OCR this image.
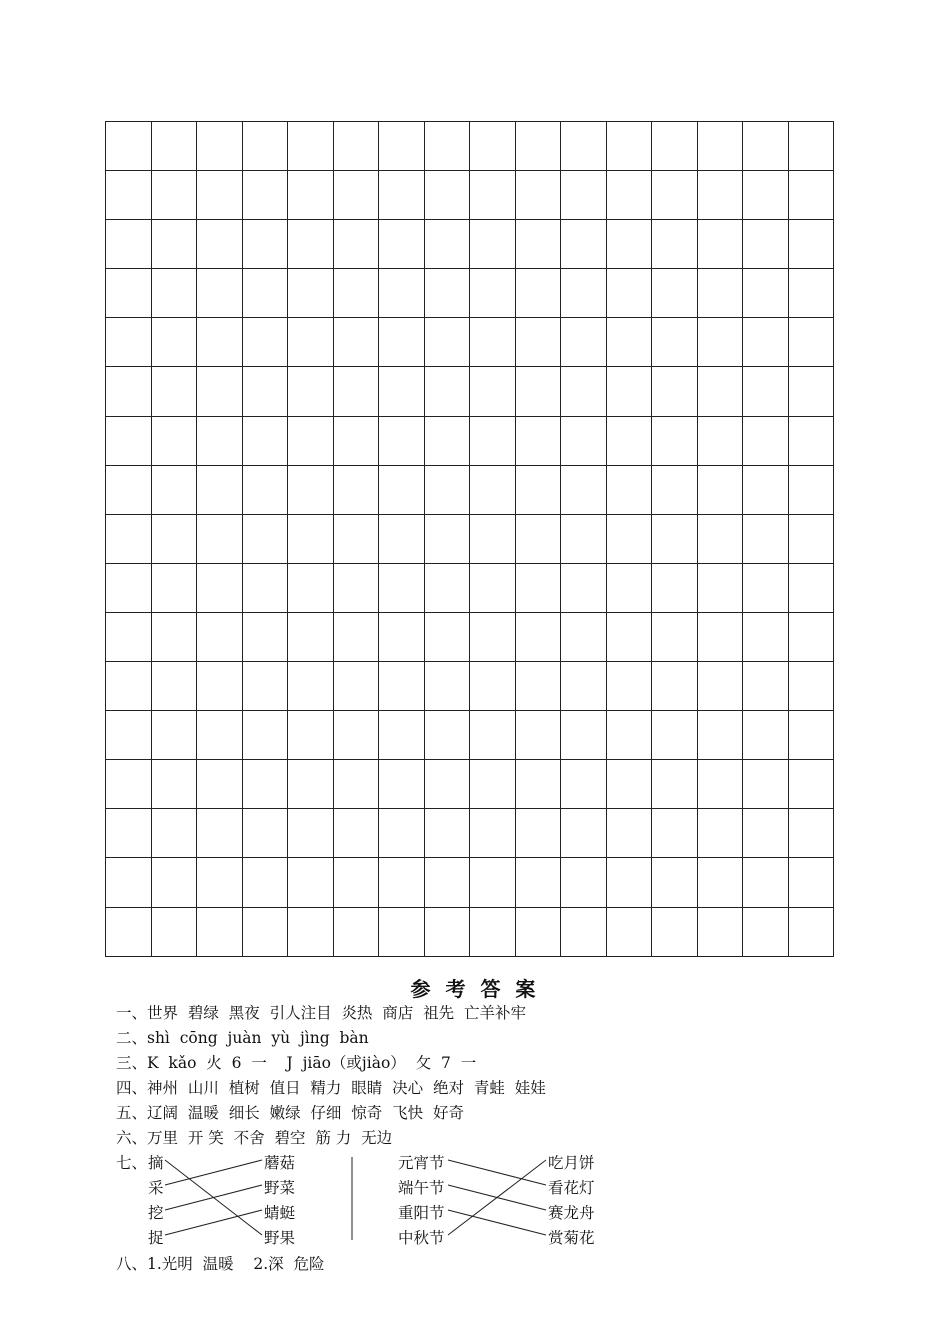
参 考 答 案
一、世界  碧绿  黑夜  引人注目  炎热  商店  祖先  亡羊补牢
二、shì  cōng  juàn  yù  jìng  bàn
三、K  kǎo  火  6  一    J  jiāo（或jiào）  攵  7  一
四、神州  山川  植树  值日  精力  眼睛  决心  绝对  青蛙  娃娃
五、辽阔  温暖  细长  嫩绿  仔细  惊奇  飞快  好奇
六、万里  开 笑  不舍  碧空  筋 力  无边
七、 摘
采
挖
捉
蘑菇
野菜
蜻蜓
野果
元宵节
端午节
重阳节
中秋节
吃月饼
看花灯
赛龙舟
赏菊花
八、1.光明  温暖    2.深  危险
